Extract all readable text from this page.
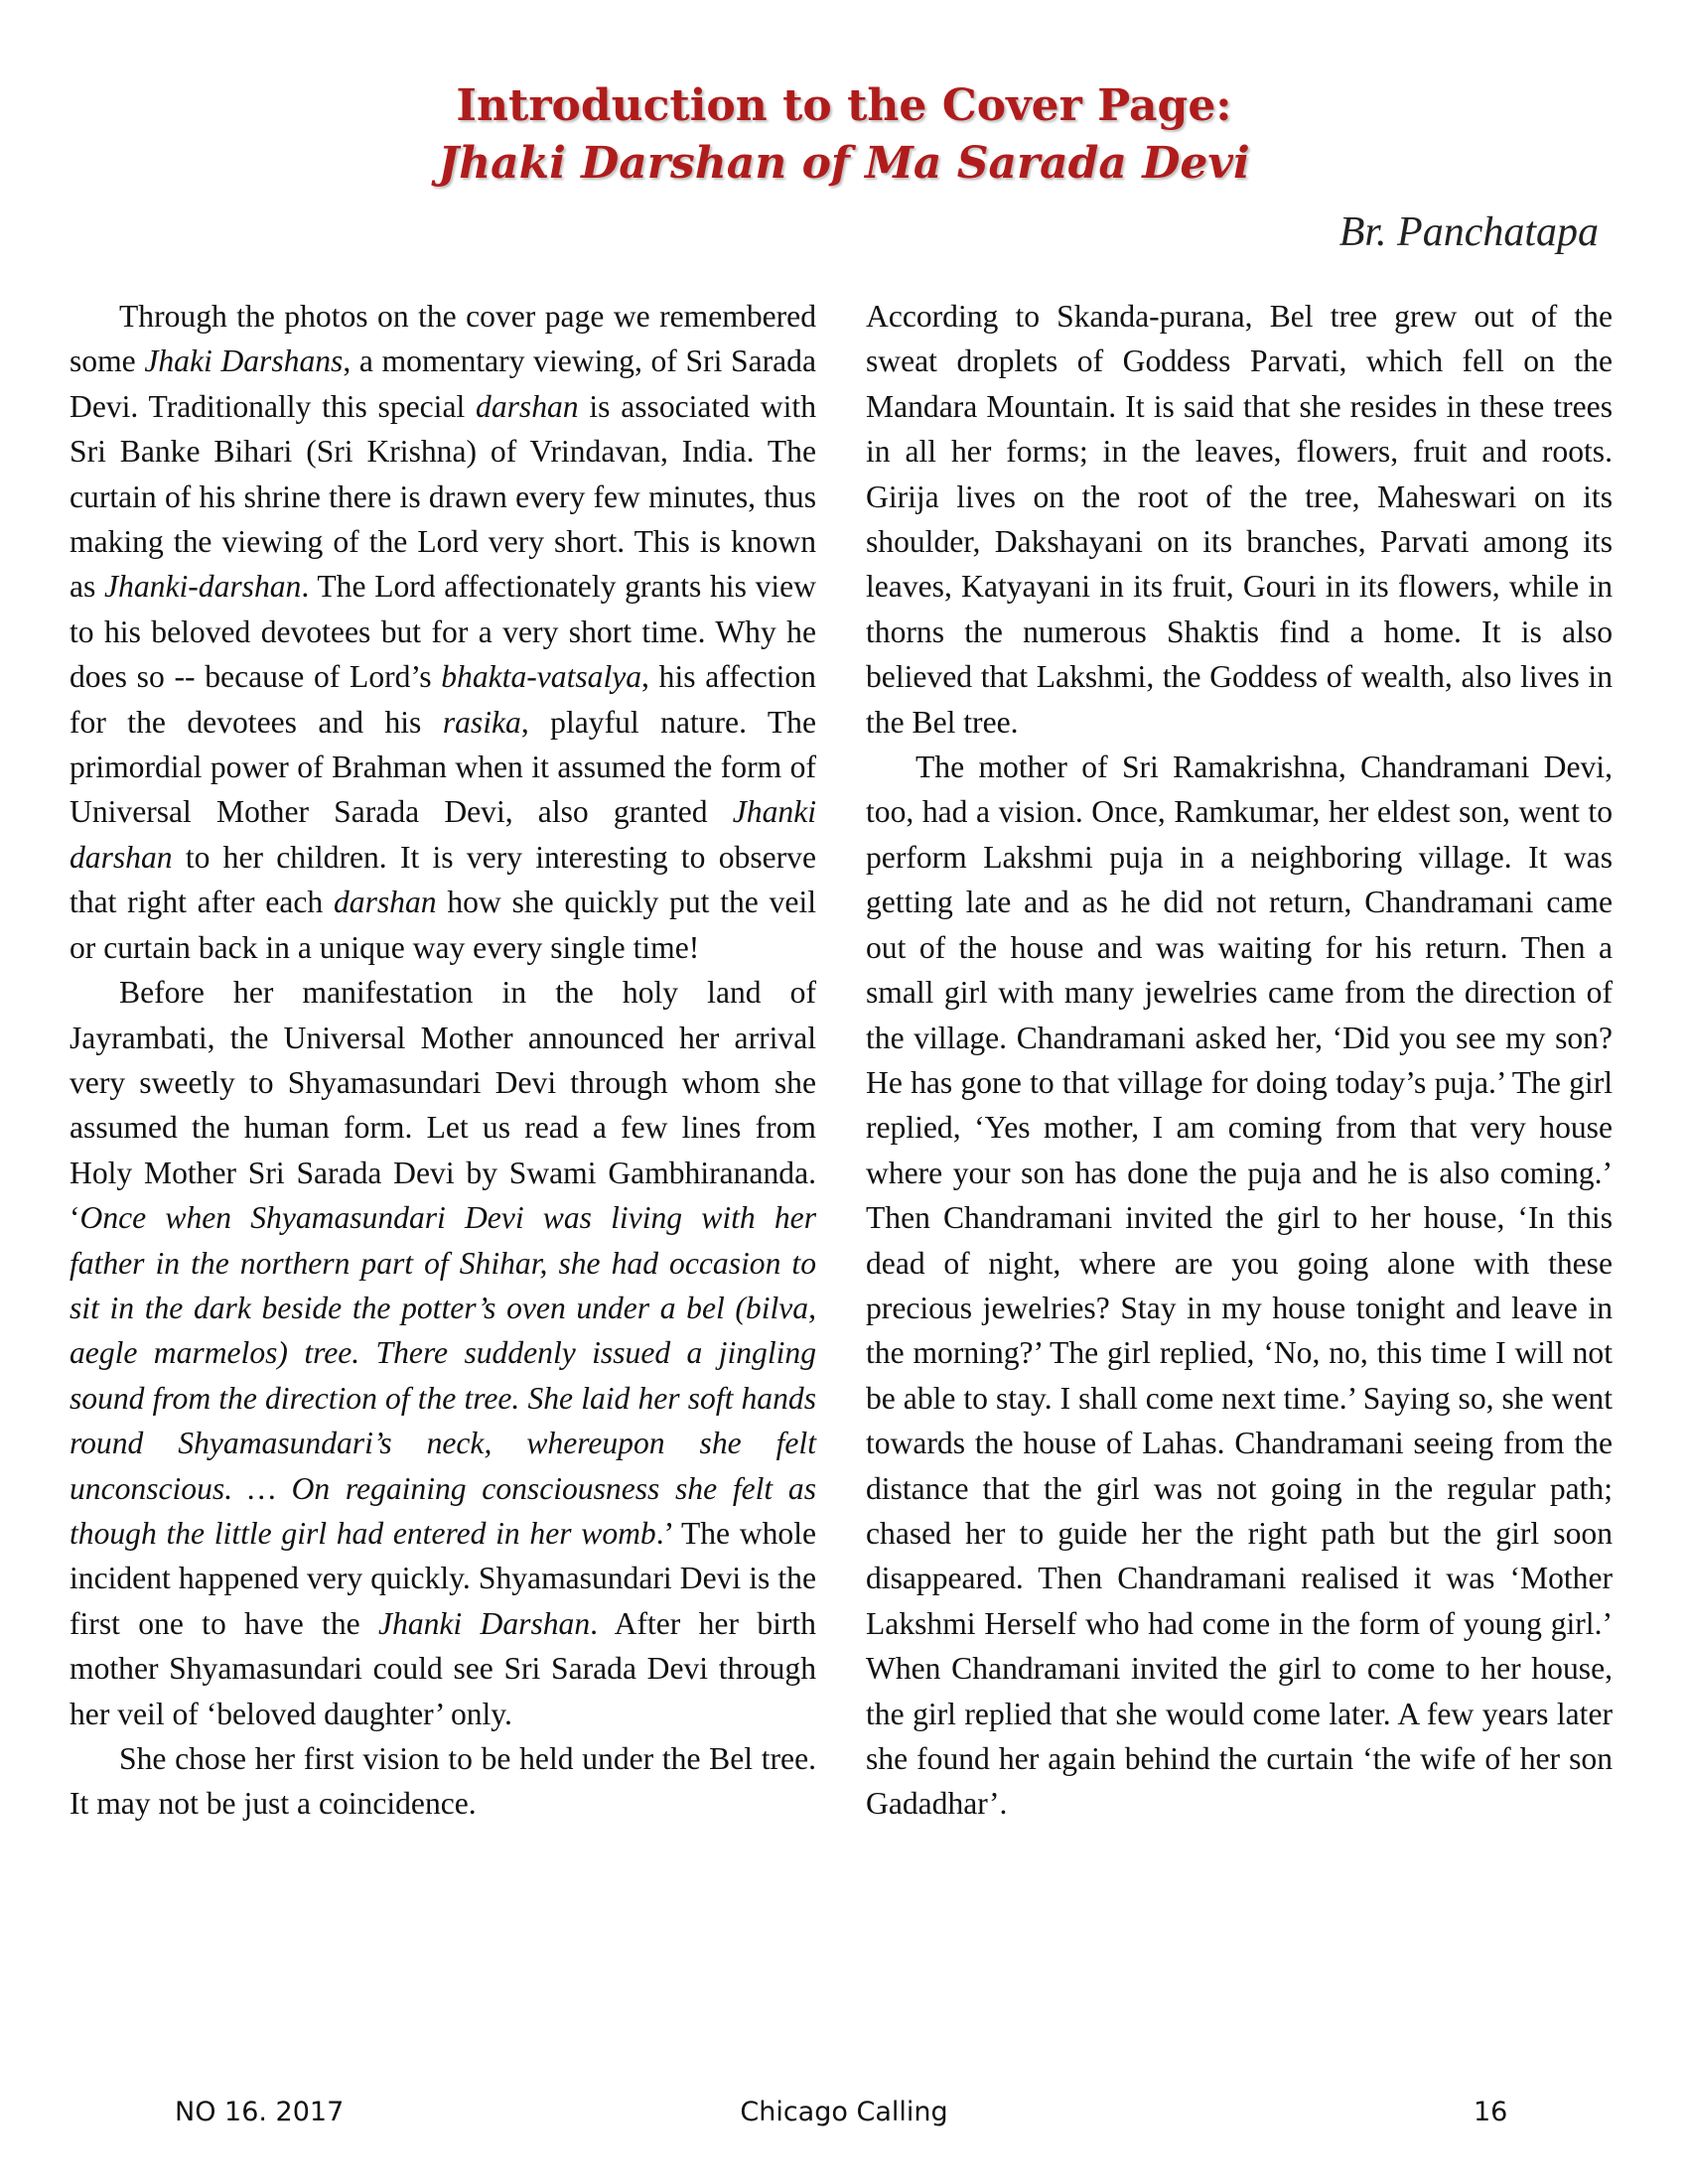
Introduction to the Cover Page:
Jhaki Darshan of Ma Sarada Devi
Br. Panchatapa

Through the photos on the cover page we remembered some Jhaki Darshans, a momentary viewing, of Sri Sarada Devi. Traditionally this special darshan is associated with Sri Banke Bihari (Sri Krishna) of Vrindavan, India. The curtain of his shrine there is drawn every few minutes, thus making the viewing of the Lord very short. This is known as Jhanki-darshan. The Lord affectionately grants his view to his beloved devotees but for a very short time. Why he does so -- because of Lord’s bhakta-vatsalya, his affection for the devotees and his rasika, playful nature. The primordial power of Brahman when it assumed the form of Universal Mother Sarada Devi, also granted Jhanki darshan to her children. It is very interesting to observe that right after each darshan how she quickly put the veil or curtain back in a unique way every single time!

Before her manifestation in the holy land of Jayrambati, the Universal Mother announced her arrival very sweetly to Shyamasundari Devi through whom she assumed the human form. Let us read a few lines from Holy Mother Sri Sarada Devi by Swami Gambhirananda. ‘Once when Shyamasundari Devi was living with her father in the northern part of Shihar, she had occasion to sit in the dark beside the potter’s oven under a bel (bilva, aegle marmelos) tree. There suddenly issued a jingling sound from the direction of the tree. She laid her soft hands round Shyamasundari’s neck, whereupon she felt unconscious. … On regaining consciousness she felt as though the little girl had entered in her womb.’ The whole incident happened very quickly. Shyamasundari Devi is the first one to have the Jhanki Darshan. After her birth mother Shyamasundari could see Sri Sarada Devi through her veil of ‘beloved daughter’ only.

She chose her first vision to be held under the Bel tree. It may not be just a coincidence.

According to Skanda-purana, Bel tree grew out of the sweat droplets of Goddess Parvati, which fell on the Mandara Mountain. It is said that she resides in these trees in all her forms; in the leaves, flowers, fruit and roots. Girija lives on the root of the tree, Maheswari on its shoulder, Dakshayani on its branches, Parvati among its leaves, Katyayani in its fruit, Gouri in its flowers, while in thorns the numerous Shaktis find a home. It is also believed that Lakshmi, the Goddess of wealth, also lives in the Bel tree.

The mother of Sri Ramakrishna, Chandramani Devi, too, had a vision. Once, Ramkumar, her eldest son, went to perform Lakshmi puja in a neighboring village. It was getting late and as he did not return, Chandramani came out of the house and was waiting for his return. Then a small girl with many jewelries came from the direction of the village. Chandramani asked her, ‘Did you see my son? He has gone to that village for doing today’s puja.’ The girl replied, ‘Yes mother, I am coming from that very house where your son has done the puja and he is also coming.’ Then Chandramani invited the girl to her house, ‘In this dead of night, where are you going alone with these precious jewelries? Stay in my house tonight and leave in the morning?’ The girl replied, ‘No, no, this time I will not be able to stay. I shall come next time.’ Saying so, she went towards the house of Lahas. Chandramani seeing from the distance that the girl was not going in the regular path; chased her to guide her the right path but the girl soon disappeared. Then Chandramani realised it was ‘Mother Lakshmi Herself who had come in the form of young girl.’ When Chandramani invited the girl to come to her house, the girl replied that she would come later. A few years later she found her again behind the curtain ‘the wife of her son Gadadhar’.

Chicago Calling
NO 16. 2017	16
